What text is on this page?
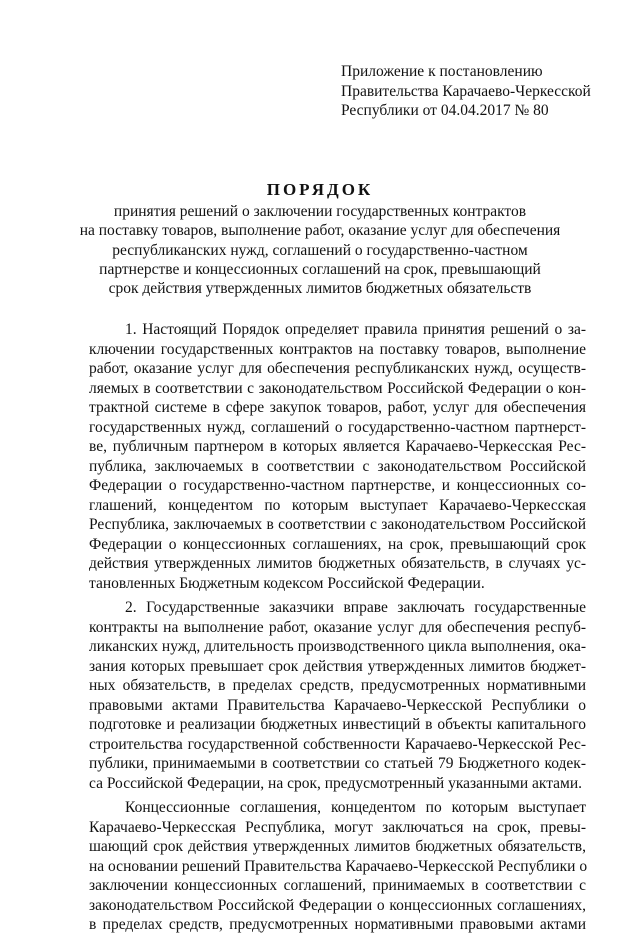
Приложение к постановлению
Правительства Карачаево-Черкесской
Республики от 04.04.2017 № 80
ПОРЯДОК
принятия решений о заключении государственных контрактов
на поставку товаров, выполнение работ, оказание услуг для обеспечения
республиканских нужд, соглашений о государственно-частном
партнерстве и концессионных соглашений на срок, превышающий
срок действия утвержденных лимитов бюджетных обязательств

1. Настоящий Порядок определяет правила принятия решений о за-
ключении государственных контрактов на поставку товаров, выполнение
работ, оказание услуг для обеспечения республиканских нужд, осуществ-
ляемых в соответствии с законодательством Российской Федерации о кон-
трактной системе в сфере закупок товаров, работ, услуг для обеспечения
государственных нужд, соглашений о государственно-частном партнерст-
ве, публичным партнером в которых является Карачаево-Черкесская Рес-
публика, заключаемых в соответствии с законодательством Российской
Федерации о государственно-частном партнерстве, и концессионных со-
глашений, концедентом по которым выступает Карачаево-Черкесская
Республика, заключаемых в соответствии с законодательством Российской
Федерации о концессионных соглашениях, на срок, превышающий срок
действия утвержденных лимитов бюджетных обязательств, в случаях ус-
тановленных Бюджетным кодексом Российской Федерации.

2. Государственные заказчики вправе заключать государственные
контракты на выполнение работ, оказание услуг для обеспечения респуб-
ликанских нужд, длительность производственного цикла выполнения, ока-
зания которых превышает срок действия утвержденных лимитов бюджет-
ных обязательств, в пределах средств, предусмотренных нормативными
правовыми актами Правительства Карачаево-Черкесской Республики о
подготовке и реализации бюджетных инвестиций в объекты капитального
строительства государственной собственности Карачаево-Черкесской Рес-
публики, принимаемыми в соответствии со статьей 79 Бюджетного кодек-
са Российской Федерации, на срок, предусмотренный указанными актами.

Концессионные соглашения, концедентом по которым выступает
Карачаево-Черкесская Республика, могут заключаться на срок, превы-
шающий срок действия утвержденных лимитов бюджетных обязательств,
на основании решений Правительства Карачаево-Черкесской Республики о
заключении концессионных соглашений, принимаемых в соответствии с
законодательством Российской Федерации о концессионных соглашениях,
в пределах средств, предусмотренных нормативными правовыми актами
